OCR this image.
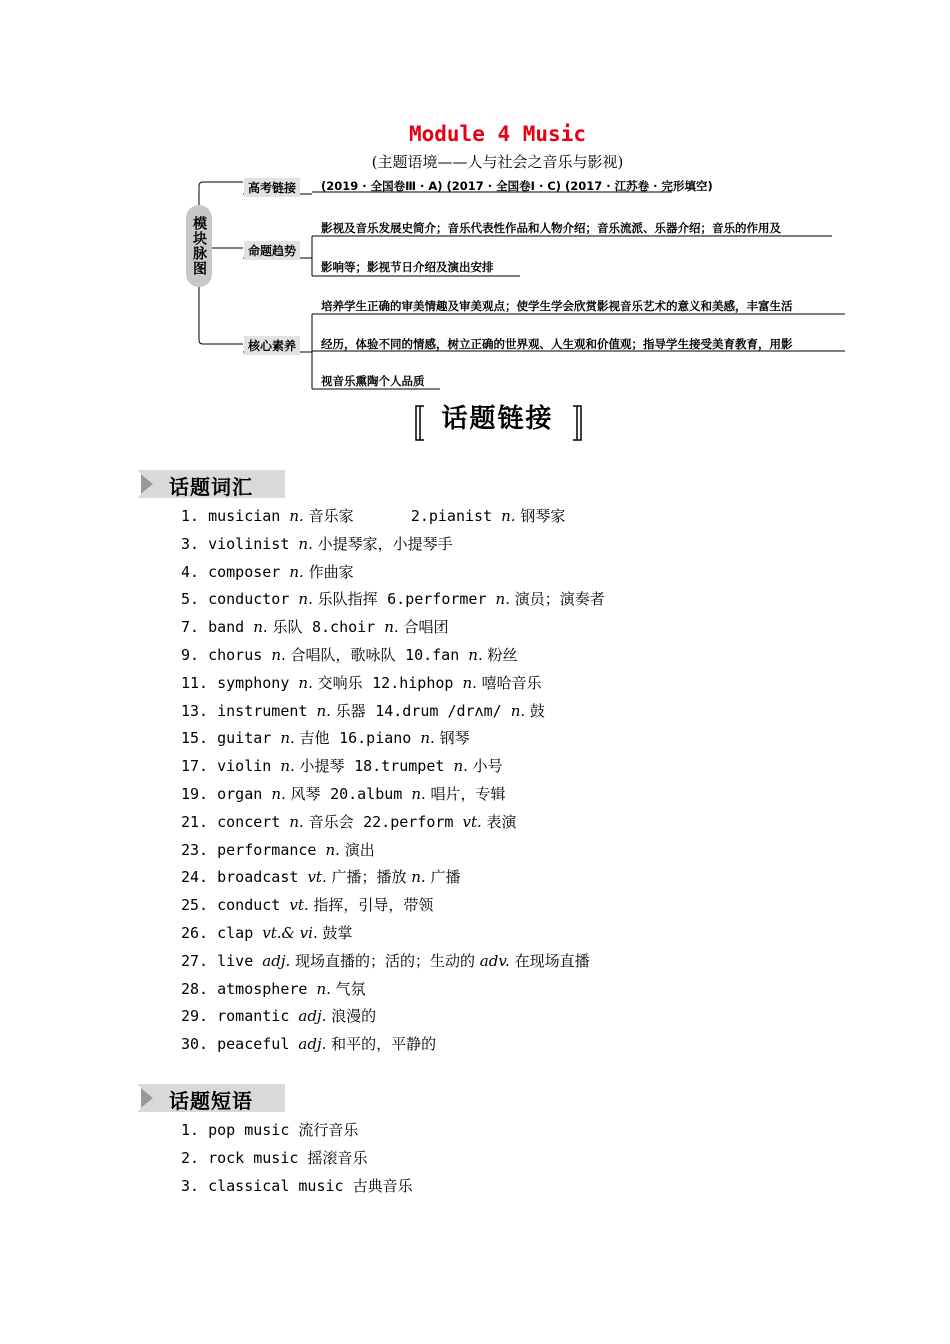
Module 4 Music
(主题语境——人与社会之音乐与影视)
模块脉图
高考链接	(2019 · 全国卷Ⅲ · A) (2017 · 全国卷Ⅰ · C) (2017 · 江苏卷 · 完形填空)
命题趋势
影视及音乐发展史简介；音乐代表性作品和人物介绍；音乐流派、乐器介绍；音乐的作用及
影响等；影视节日介绍及演出安排
核心素养
培养学生正确的审美情趣及审美观点；使学生学会欣赏影视音乐艺术的意义和美感，丰富生活
经历，体验不同的情感，树立正确的世界观、人生观和价值观；指导学生接受美育教育，用影
视音乐熏陶个人品质
话题链接
话题词汇
1. musician n. 音乐家            2.pianist n. 钢琴家
3. violinist n. 小提琴家，小提琴手
4. composer n. 作曲家
5. conductor n. 乐队指挥  6.performer n. 演员；演奏者
7. band n. 乐队  8.choir n. 合唱团
9. chorus n. 合唱队，歌咏队  10.fan n. 粉丝
11. symphony n. 交响乐  12.hiphop n. 嘻哈音乐
13. instrument n. 乐器  14.drum /drʌm/ n. 鼓
15. guitar n. 吉他  16.piano n. 钢琴
17. violin n. 小提琴  18.trumpet n. 小号
19. organ n. 风琴  20.album n. 唱片，专辑
21. concert n. 音乐会  22.perform vt. 表演
23. performance n. 演出
24. broadcast vt. 广播；播放 n. 广播
25. conduct vt. 指挥，引导，带领
26. clap vt.& vi. 鼓掌
27. live adj. 现场直播的；活的；生动的 adv. 在现场直播
28. atmosphere n. 气氛
29. romantic adj. 浪漫的
30. peaceful adj. 和平的，平静的
话题短语
1. pop music 流行音乐
2. rock music 摇滚音乐
3. classical music 古典音乐
